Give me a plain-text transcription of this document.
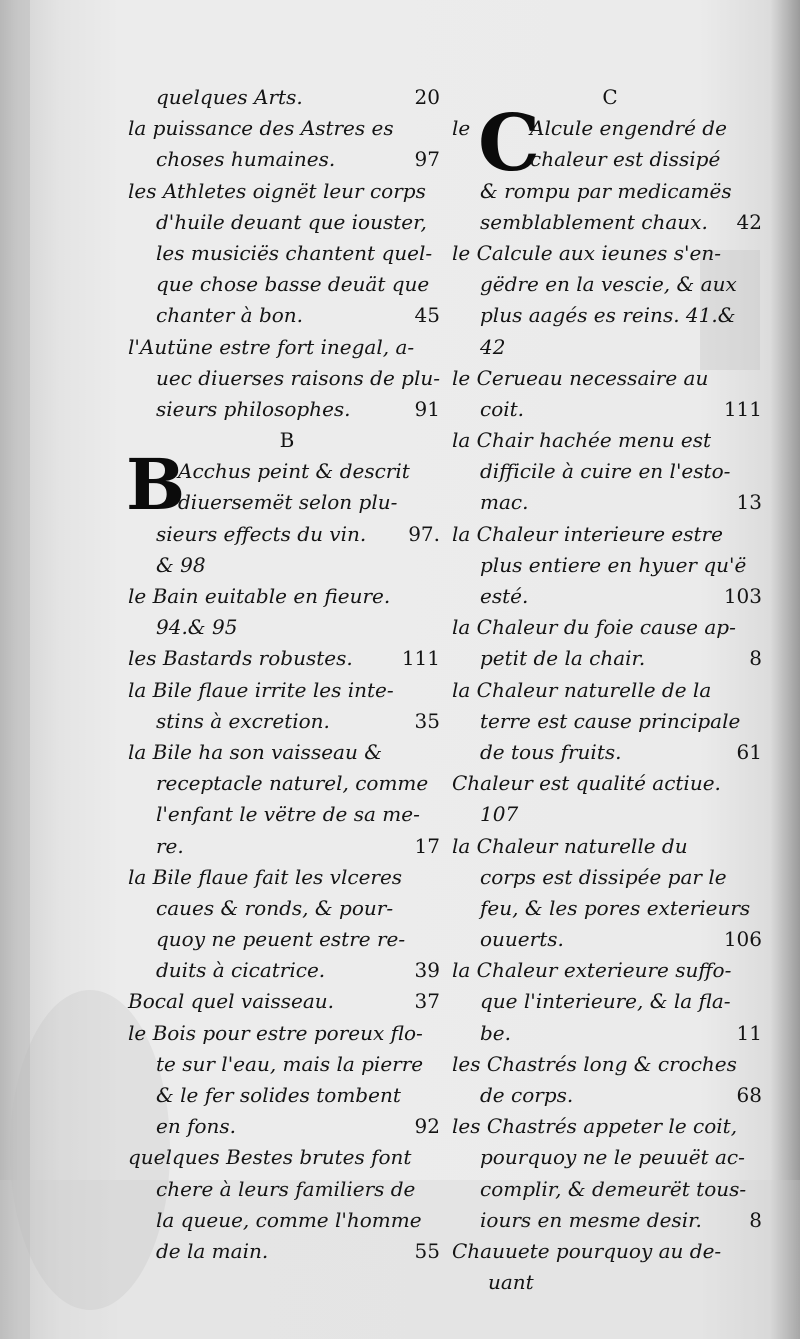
quelques Arts.	20
la puissance des Astres es
choses humaines.	97
les Athletes oignët leur corps
d'huile deuant que iouster,
les musiciës chantent quel-
que chose basse deuät que
chanter à bon.	45
l'Autüne estre fort inegal, a-
uec diuerses raisons de plu-
sieurs philosophes.	91
B
B
Acchus peint & descrit
diuersemët selon plu-
sieurs effects du vin. 97.
& 98
le Bain euitable en fieure.
94.& 95
les Bastards robustes. 111
la Bile flaue irrite les inte-
stins à excretion.	35
la Bile ha son vaisseau &
receptacle naturel, comme
l'enfant le vëtre de sa me-
re.	17
la Bile flaue fait les vlceres
caues & ronds, & pour-
quoy ne peuent estre re-
duits à cicatrice.	39
Bocal quel vaisseau.	37
le Bois pour estre poreux flo-
te sur l'eau, mais la pierre
& le fer solides tombent
en fons.	92
quelques Bestes brutes font
chere à leurs familiers de
la queue, comme l'homme
de la main.	55
C
C
le	Alcule engendré de
chaleur est dissipé
& rompu par medicamës
semblablement chaux. 42
le Calcule aux ieunes s'en-
gëdre en la vescie, & aux
plus aagés es reins. 41.&
42
le Cerueau necessaire au
coit.	111
la Chair hachée menu est
difficile à cuire en l'esto-
mac.	13
la Chaleur interieure estre
plus entiere en hyuer qu'ë
esté.	103
la Chaleur du foie cause ap-
petit de la chair.	8
la Chaleur naturelle de la
terre est cause principale
de tous fruits.	61
Chaleur est qualité actiue.
107
la Chaleur naturelle du
corps est dissipée par le
feu, & les pores exterieurs
ouuerts.	106
la Chaleur exterieure suffo-
que l'interieure, & la fla-
be.	11
les Chastrés long & croches
de corps.	68
les Chastrés appeter le coit,
pourquoy ne le peuuët ac-
complir, & demeurët tous-
iours en mesme desir. 8
Chauuete pourquoy au de-
uant
